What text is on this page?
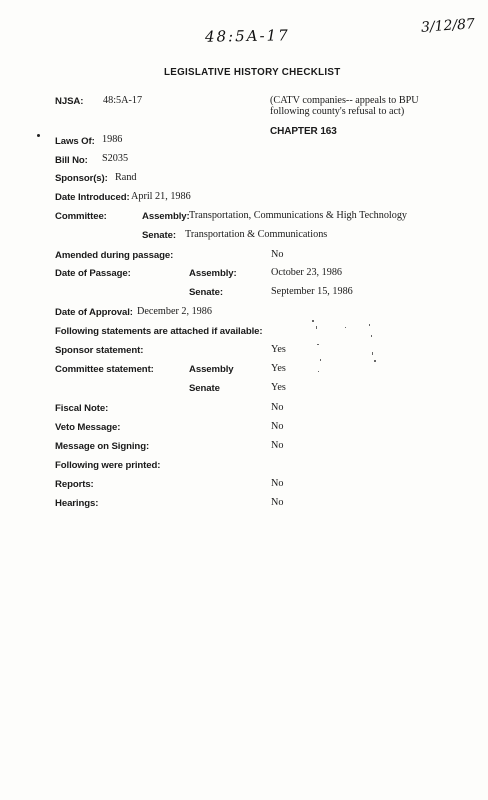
48:5A-17
3/12/87
LEGISLATIVE HISTORY CHECKLIST
NJSA: 48:5A-17	(CATV companies-- appeals to BPU
following county's refusal to act)
CHAPTER 163
Laws Of: 1986
Bill No: S2035
Sponsor(s): Rand
Date Introduced: April 21, 1986
Committee:	Assembly: Transportation, Communications & High Technology
Senate: Transportation & Communications
Amended during passage:	No
Date of Passage:	Assembly:	October 23, 1986
Senate:	September 15, 1986
Date of Approval: December 2, 1986
Following statements are attached if available:
Sponsor statement:	Yes
Committee statement:	Assembly	Yes
Senate	Yes
Fiscal Note:	No
Veto Message:	No
Message on Signing:	No
Following were printed:
Reports:	No
Hearings:	No
